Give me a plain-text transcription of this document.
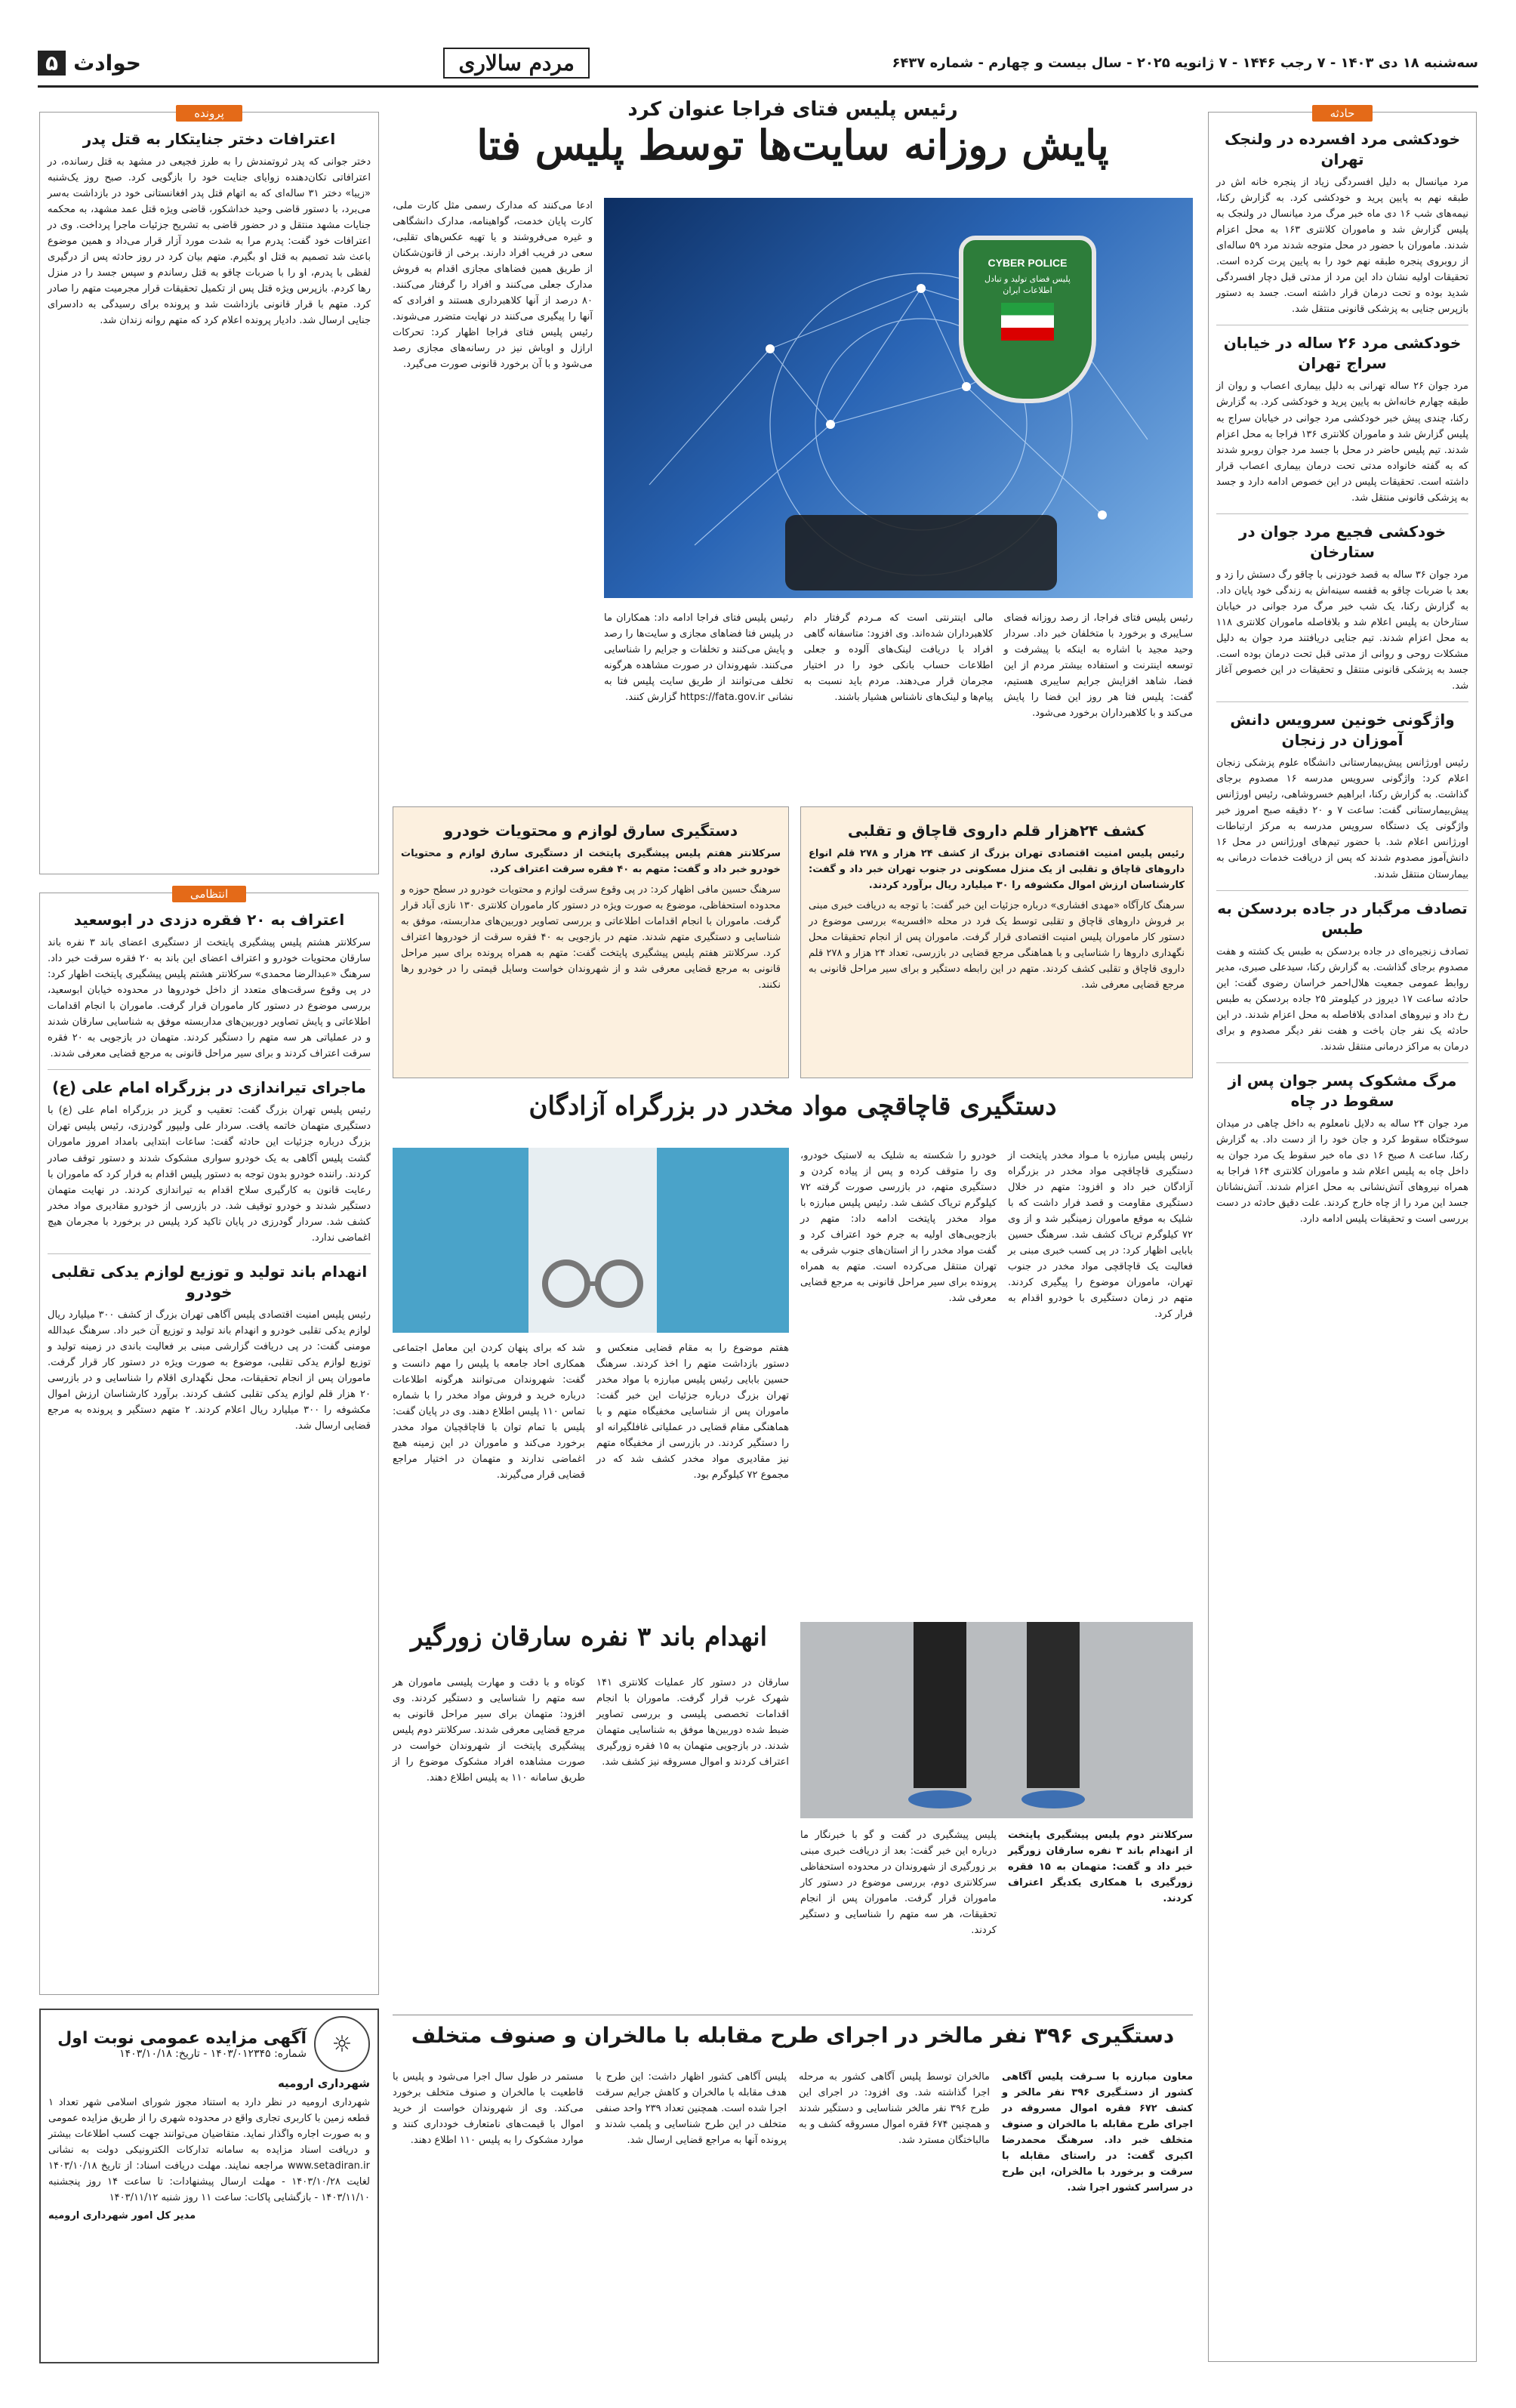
سه‌شنبه ۱۸ دی ۱۴۰۳ - ۷ رجب ۱۴۴۶ - ۷ ژانویه ۲۰۲۵ - سال بیست و چهارم - شماره ۶۴۳۷
مردم سالاری
حوادث
۵
حادثه
خودکشی مرد افسرده در ولنجک تهران

مرد میانسال به دلیل افسردگی زیاد از پنجره خانه اش در طبقه نهم به پایین پرید و خودکشی کرد. به گزارش رکنا، نیمه‌های شب ۱۶ دی ماه خبر مرگ مرد میانسال در ولنجک به پلیس گزارش شد و ماموران کلانتری ۱۶۳ به محل اعزام شدند. ماموران با حضور در محل متوجه شدند مرد ۵۹ ساله‌ای از روبروی پنجره طبقه نهم خود را به پایین پرت کرده است. تحقیقات اولیه نشان داد این مرد از مدتی قبل دچار افسردگی شدید بوده و تحت درمان قرار داشته است. جسد به دستور بازپرس جنایی به پزشکی قانونی منتقل شد.

خودکشی مرد ۲۶ ساله در خیابان سراج تهران

مرد جوان ۲۶ ساله تهرانی به دلیل بیماری اعصاب و روان از طبقه چهارم خانه‌اش به پایین پرید و خودکشی کرد. به گزارش رکنا، چندی پیش خبر خودکشی مرد جوانی در خیابان سراج به پلیس گزارش شد و ماموران کلانتری ۱۳۶ فراجا به محل اعزام شدند. تیم پلیس حاضر در محل با جسد مرد جوان روبرو شدند که به گفته خانواده مدتی تحت درمان بیماری اعصاب قرار داشته است. تحقیقات پلیس در این خصوص ادامه دارد و جسد به پزشکی قانونی منتقل شد.

خودکشی فجیع مرد جوان در ستارخان

مرد جوان ۳۶ ساله به قصد خودزنی با چاقو رگ دستش را زد و بعد با ضربات چاقو به قفسه سینه‌اش به زندگی خود پایان داد. به گزارش رکنا، یک شب خبر مرگ مرد جوانی در خیابان ستارخان به پلیس اعلام شد و بلافاصله ماموران کلانتری ۱۱۸ به محل اعزام شدند. تیم جنایی دریافتند مرد جوان به دلیل مشکلات روحی و روانی از مدتی قبل تحت درمان بوده است. جسد به پزشکی قانونی منتقل و تحقیقات در این خصوص آغاز شد.

واژگونی خونین سرویس دانش آموزان در زنجان

رئیس اورژانس پیش‌بیمارستانی دانشگاه علوم پزشکی زنجان اعلام کرد: واژگونی سرویس مدرسه ۱۶ مصدوم برجای گذاشت. به گزارش رکنا، ابراهیم خسروشاهی، رئیس اورژانس پیش‌بیمارستانی گفت: ساعت ۷ و ۲۰ دقیقه صبح امروز خبر واژگونی یک دستگاه سرویس مدرسه به مرکز ارتباطات اورژانس اعلام شد. با حضور تیم‌های اورژانس در محل ۱۶ دانش‌آموز مصدوم شدند که پس از دریافت خدمات درمانی به بیمارستان منتقل شدند.

تصادف مرگبار در جاده بردسکن به طبس

تصادف زنجیره‌ای در جاده بردسکن به طبس یک کشته و هفت مصدوم برجای گذاشت. به گزارش رکنا، سیدعلی صبری، مدیر روابط عمومی جمعیت هلال‌احمر خراسان رضوی گفت: این حادثه ساعت ۱۷ دیروز در کیلومتر ۲۵ جاده بردسکن به طبس رخ داد و نیروهای امدادی بلافاصله به محل اعزام شدند. در این حادثه یک نفر جان باخت و هفت نفر دیگر مصدوم و برای درمان به مراکز درمانی منتقل شدند.

مرگ مشکوک پسر جوان پس از سقوط در چاه

مرد جوان ۲۴ ساله به دلایل نامعلوم به داخل چاهی در میدان سوختگاه سقوط کرد و جان خود را از دست داد. به گزارش رکنا، ساعت ۸ صبح ۱۶ دی ماه خبر سقوط یک مرد جوان به داخل چاه به پلیس اعلام شد و ماموران کلانتری ۱۶۴ فراجا به همراه نیروهای آتش‌نشانی به محل اعزام شدند. آتش‌نشانان جسد این مرد را از چاه خارج کردند. علت دقیق حادثه در دست بررسی است و تحقیقات پلیس ادامه دارد.

پرونده
اعترافات دختر جنایتکار به قتل پدر

دختر جوانی که پدر ثروتمندش را به طرز فجیعی در مشهد به قتل رسانده، در اعترافاتی تکان‌دهنده زوایای جنایت خود را بازگویی کرد. صبح روز یک‌شنبه «زیبا» دختر ۳۱ ساله‌ای که به اتهام قتل پدر افغانستانی خود در بازداشت به‌سر می‌برد، با دستور قاضی وحید خداشکور، قاضی ویژه قتل عمد مشهد، به محکمه جنایات مشهد منتقل و در حضور قاضی به تشریح جزئیات ماجرا پرداخت. وی در اعترافات خود گفت: پدرم مرا به شدت مورد آزار قرار می‌داد و همین موضوع باعث شد تصمیم به قتل او بگیرم. متهم بیان کرد در روز حادثه پس از درگیری لفظی با پدرم، او را با ضربات چاقو به قتل رساندم و سپس جسد را در منزل رها کردم. بازپرس ویژه قتل پس از تکمیل تحقیقات قرار مجرمیت متهم را صادر کرد. متهم با قرار قانونی بازداشت شد و پرونده برای رسیدگی به دادسرای جنایی ارسال شد. دادیار پرونده اعلام کرد که متهم روانه زندان شد.

انتظامی
اعتراف به ۲۰ فقره دزدی در ابوسعید

سرکلانتر هشتم پلیس پیشگیری پایتخت از دستگیری اعضای باند ۳ نفره باند سارقان محتویات خودرو و اعتراف اعضای این باند به ۲۰ فقره سرقت خبر داد. سرهنگ «عبدالرضا محمدی» سرکلانتر هشتم پلیس پیشگیری پایتخت اظهار کرد: در پی وقوع سرقت‌های متعدد از داخل خودروها در محدوده خیابان ابوسعید، بررسی موضوع در دستور کار ماموران قرار گرفت. ماموران با انجام اقدامات اطلاعاتی و پایش تصاویر دوربین‌های مداربسته موفق به شناسایی سارقان شدند و در عملیاتی هر سه متهم را دستگیر کردند. متهمان در بازجویی به ۲۰ فقره سرقت اعتراف کردند و برای سیر مراحل قانونی به مرجع قضایی معرفی شدند.

ماجرای تیراندازی در بزرگراه امام علی (ع)

رئیس پلیس تهران بزرگ گفت: تعقیب و گریز در بزرگراه امام علی (ع) با دستگیری متهمان خاتمه یافت. سردار علی ولیپور گودرزی، رئیس پلیس تهران بزرگ درباره جزئیات این حادثه گفت: ساعات ابتدایی بامداد امروز ماموران گشت پلیس آگاهی به یک خودرو سواری مشکوک شدند و دستور توقف صادر کردند. راننده خودرو بدون توجه به دستور پلیس اقدام به فرار کرد که ماموران با رعایت قانون به کارگیری سلاح اقدام به تیراندازی کردند. در نهایت متهمان دستگیر شدند و خودرو توقیف شد. در بازرسی از خودرو مقادیری مواد مخدر کشف شد. سردار گودرزی در پایان تاکید کرد پلیس در برخورد با مجرمان هیچ اغماضی ندارد.

انهدام باند تولید و توزیع لوازم یدکی تقلبی خودرو

رئیس پلیس امنیت اقتصادی پلیس آگاهی تهران بزرگ از کشف ۳۰۰ میلیارد ریال لوازم یدکی تقلبی خودرو و انهدام باند تولید و توزیع آن خبر داد. سرهنگ عبدالله مومنی گفت: در پی دریافت گزارشی مبنی بر فعالیت باندی در زمینه تولید و توزیع لوازم یدکی تقلبی، موضوع به صورت ویژه در دستور کار قرار گرفت. ماموران پس از انجام تحقیقات، محل نگهداری اقلام را شناسایی و در بازرسی ۲۰ هزار قلم لوازم یدکی تقلبی کشف کردند. برآورد کارشناسان ارزش اموال مکشوفه را ۳۰۰ میلیارد ریال اعلام کردند. ۲ متهم دستگیر و پرونده به مرجع قضایی ارسال شد.

☼
آگهی مزایده عمومی نوبت اول
شماره: ۱۴۰۳/۰۱۲۳۴۵ - تاریخ: ۱۴۰۳/۱۰/۱۸
شهرداری ارومیه

شهرداری ارومیه در نظر دارد به استناد مجوز شورای اسلامی شهر تعداد ۱ قطعه زمین با کاربری تجاری واقع در محدوده شهری را از طریق مزایده عمومی و به صورت اجاره واگذار نماید. متقاضیان می‌توانند جهت کسب اطلاعات بیشتر و دریافت اسناد مزایده به سامانه تدارکات الکترونیکی دولت به نشانی www.setadiran.ir مراجعه نمایند. مهلت دریافت اسناد: از تاریخ ۱۴۰۳/۱۰/۱۸ لغایت ۱۴۰۳/۱۰/۲۸ - مهلت ارسال پیشنهادات: تا ساعت ۱۴ روز پنجشنبه ۱۴۰۳/۱۱/۱۰ - بازگشایی پاکات: ساعت ۱۱ روز شنبه ۱۴۰۳/۱۱/۱۲

مدیر کل امور شهرداری ارومیه
رئیس پلیس فتای فراجا عنوان کرد
پایش روزانه سایت‌ها توسط پلیس فتا
CYBER POLICE
پلیس فضای تولید و تبادل اطلاعات ایران

ادعا می‌کنند که مدارک رسمی مثل کارت ملی، کارت پایان خدمت، گواهینامه، مدارک دانشگاهی و غیره می‌فروشند و یا تهیه عکس‌های تقلبی، سعی در فریب افراد دارند. برخی از قانون‌شکنان از طریق همین فضاهای مجازی اقدام به فروش مدارک جعلی می‌کنند و افراد را گرفتار می‌کنند. ۸۰ درصد از آنها کلاهبرداری هستند و افرادی که آنها را پیگیری می‌کنند در نهایت متضرر می‌شوند. رئیس پلیس فتای فراجا اظهار کرد: تحرکات ارازل و اوباش نیز در رسانه‌های مجازی رصد می‌شود و با آن برخورد قانونی صورت می‌گیرد.

رئیس پلیس فتای فراجا، از رصد روزانه فضای سـایبری و برخورد با متخلفان خبر داد. سردار وحید مجید با اشاره به اینکه با پیشرفت و توسعه اینترنت و استفاده بیشتر مردم از این فضا، شاهد افزایش جرایم سایبری هستیم، گفت: پلیس فتا هر روز این فضا را پایش می‌کند و با کلاهبرداران برخورد می‌شود.

مالی اینترنتی است که مـردم گرفتار دام کلاهبرداران شده‌اند. وی افزود: متاسفانه گاهی افراد با دریافت لینک‌های آلوده و جعلی اطلاعات حساب بانکی خود را در اختیار مجرمان قرار می‌دهند. مردم باید نسبت به پیام‌ها و لینک‌های ناشناس هشیار باشند.

رئیس پلیس فتای فراجا ادامه داد: همکاران ما در پلیس فتا فضاهای مجازی و سایت‌ها را رصد و پایش می‌کنند و تخلفات و جرایم را شناسایی می‌کنند. شهروندان در صورت مشاهده هرگونه تخلف می‌توانند از طریق سایت پلیس فتا به نشانی https://fata.gov.ir گزارش کنند.

کشف ۲۴هزار قلم داروی قاچاق و تقلبی

رئیس پلیس امنیت اقتصادی تهران بزرگ از کشف ۲۴ هزار و ۲۷۸ قلم انواع داروهای قاچاق و تقلبی از یک منزل مسکونی در جنوب تهران خبر داد و گفت: کارشناسان ارزش اموال مکشوفه را ۳۰ میلیارد ریال برآورد کردند.

سرهنگ کارآگاه «مهدی افشاری» درباره جزئیات این خبر گفت: با توجه به دریافت خبری مبنی بر فروش داروهای قاچاق و تقلبی توسط یک فرد در محله «افسریه» بررسی موضوع در دستور کار ماموران پلیس امنیت اقتصادی قرار گرفت. ماموران پس از انجام تحقیقات محل نگهداری داروها را شناسایی و با هماهنگی مرجع قضایی در بازرسی، تعداد ۲۴ هزار و ۲۷۸ قلم داروی قاچاق و تقلبی کشف کردند. متهم در این رابطه دستگیر و برای سیر مراحل قانونی به مرجع قضایی معرفی شد.

دستگیری سارق لوازم و محتویات خودرو

سرکلانتر هفتم پلیس پیشگیری پایتخت از دستگیری سارق لوازم و محتویات خودرو خبر داد و گفت: متهم به ۴۰ فقره سرقت اعتراف کرد.

سرهنگ حسین مافی اظهار کرد: در پی وقوع سرقت لوازم و محتویات خودرو در سطح حوزه و محدوده استحفاظی، موضوع به صورت ویژه در دستور کار ماموران کلانتری ۱۳۰ نازی آباد قرار گرفت. ماموران با انجام اقدامات اطلاعاتی و بررسی تصاویر دوربین‌های مداربسته، موفق به شناسایی و دستگیری متهم شدند. متهم در بازجویی به ۴۰ فقره سرقت از خودروها اعتراف کرد. سرکلانتر هفتم پلیس پیشگیری پایتخت گفت: متهم به همراه پرونده برای سیر مراحل قانونی به مرجع قضایی معرفی شد و از شهروندان خواست وسایل قیمتی را در خودرو رها نکنند.

دستگیری قاچاقچی مواد مخدر در بزرگراه آزادگان

رئیس پلیس مبارزه با مـواد مخدر پایتخت از دستگیری قاچاقچی مواد مخدر در بزرگراه آزادگان خبر داد و افزود: متهم در خلال دستگیری مقاومت و قصد فرار داشت که با شلیک به موقع ماموران زمینگیر شد و از وی ۷۲ کیلوگرم تریاک کشف شد. سرهنگ حسین بابایی اظهار کرد: در پی کسب خبری مبنی بر فعالیت یک قاچاقچی مواد مخدر در جنوب تهران، ماموران موضوع را پیگیری کردند. متهم در زمان دستگیری با خودرو اقدام به فرار کرد.

خودرو را شکسته به شلیک به لاستیک خودرو، وی را متوقف کرده و پس از پیاده کردن و دستگیری متهم، در بازرسی صورت گرفته ۷۲ کیلوگرم تریاک کشف شد. رئیس پلیس مبارزه با مواد مخدر پایتخت ادامه داد: متهم در بازجویی‌های اولیه به جرم خود اعتراف کرد و گفت مواد مخدر را از استان‌های جنوب شرقی به تهران منتقل می‌کرده است. متهم به همراه پرونده برای سیر مراحل قانونی به مرجع قضایی معرفی شد.

هفتم موضوع را به مقام قضایی منعکس و دستور بازداشت متهم را اخذ کردند. سرهنگ حسین بابایی رئیس پلیس مبارزه با مواد مخدر تهران بزرگ درباره جزئیات این خبر گفت: ماموران پس از شناسایی مخفیگاه متهم و با هماهنگی مقام قضایی در عملیاتی غافلگیرانه او را دستگیر کردند. در بازرسی از مخفیگاه متهم نیز مقادیری مواد مخدر کشف شد که در مجموع ۷۲ کیلوگرم بود.

شد که برای پنهان کردن این معامل اجتماعی همکاری احاد جامعه با پلیس را مهم دانست و گفت: شهروندان می‌توانند هرگونه اطلاعات درباره خرید و فروش مواد مخدر را با شماره تماس ۱۱۰ پلیس اطلاع دهند. وی در پایان گفت: پلیس با تمام توان با قاچاقچیان مواد مخدر برخورد می‌کند و ماموران در این زمینه هیچ اغماضی ندارند و متهمان در اختیار مراجع قضایی قرار می‌گیرند.

انهدام باند ۳ نفره سارقان زورگیر

سرکلانتر دوم پلیس پیشگیری پایتخت از انهدام باند ۳ نفره سارقان زورگیر خبر داد و گفت: متهمان به ۱۵ فقره زورگیری با همکاری یکدیگر اعتراف کردند.

پلیس پیشگیری در گفت و گو با خبرنگار ما درباره این خبر گفت: بعد از دریافت خبری مبنی بر زورگیری از شهروندان در محدوده استحفاظی سرکلانتری دوم، بررسی موضوع در دستور کار ماموران قرار گرفت. ماموران پس از انجام تحقیقات، هر سه متهم را شناسایی و دستگیر کردند.

سارقان در دستور کار عملیات کلانتری ۱۴۱ شهرک غرب قرار گرفت. ماموران با انجام اقدامات تخصصی پلیسی و بررسی تصاویر ضبط شده دوربین‌ها موفق به شناسایی متهمان شدند. در بازجویی متهمان به ۱۵ فقره زورگیری اعتراف کردند و اموال مسروقه نیز کشف شد.

کوتاه و با دقت و مهارت پلیسی ماموران هر سه متهم را شناسایی و دستگیر کردند. وی افزود: متهمان برای سیر مراحل قانونی به مرجع قضایی معرفی شدند. سرکلانتر دوم پلیس پیشگیری پایتخت از شهروندان خواست در صورت مشاهده افراد مشکوک موضوع را از طریق سامانه ۱۱۰ به پلیس اطلاع دهند.

دستگیری ۳۹۶ نفر مالخر در اجرای طرح مقابله با مالخران و صنوف متخلف

معاون مبارزه با سـرقت پلیس آگاهی کشور از دستـگیری ۳۹۶ نفر مالخر و کشف ۶۷۲ فقره اموال مسروقه در اجرای طرح مقابله با مالخران و صنوف متخلف خبر داد. سرهنگ محمدرضا اکبری گفت: در راستای مقابله با سرقت و برخورد با مالخران، این طرح در سراسر کشور اجرا شد.

مالخران توسط پلیس آگاهی کشور به مرحله اجرا گذاشته شد. وی افزود: در اجرای این طرح ۳۹۶ نفر مالخر شناسایی و دستگیر شدند و همچنین ۶۷۴ فقره اموال مسروقه کشف و به مالباختگان مسترد شد.

پلیس آگاهی کشور اظهار داشت: این طرح با هدف مقابله با مالخران و کاهش جرایم سرقت اجرا شده است. همچنین تعداد ۲۳۹ واحد صنفی متخلف در این طرح شناسایی و پلمب شدند و پرونده آنها به مراجع قضایی ارسال شد.

مستمر در طول سال اجرا می‌شود و پلیس با قاطعیت با مالخران و صنوف متخلف برخورد می‌کند. وی از شهروندان خواست از خرید اموال با قیمت‌های نامتعارف خودداری کنند و موارد مشکوک را به پلیس ۱۱۰ اطلاع دهند.
